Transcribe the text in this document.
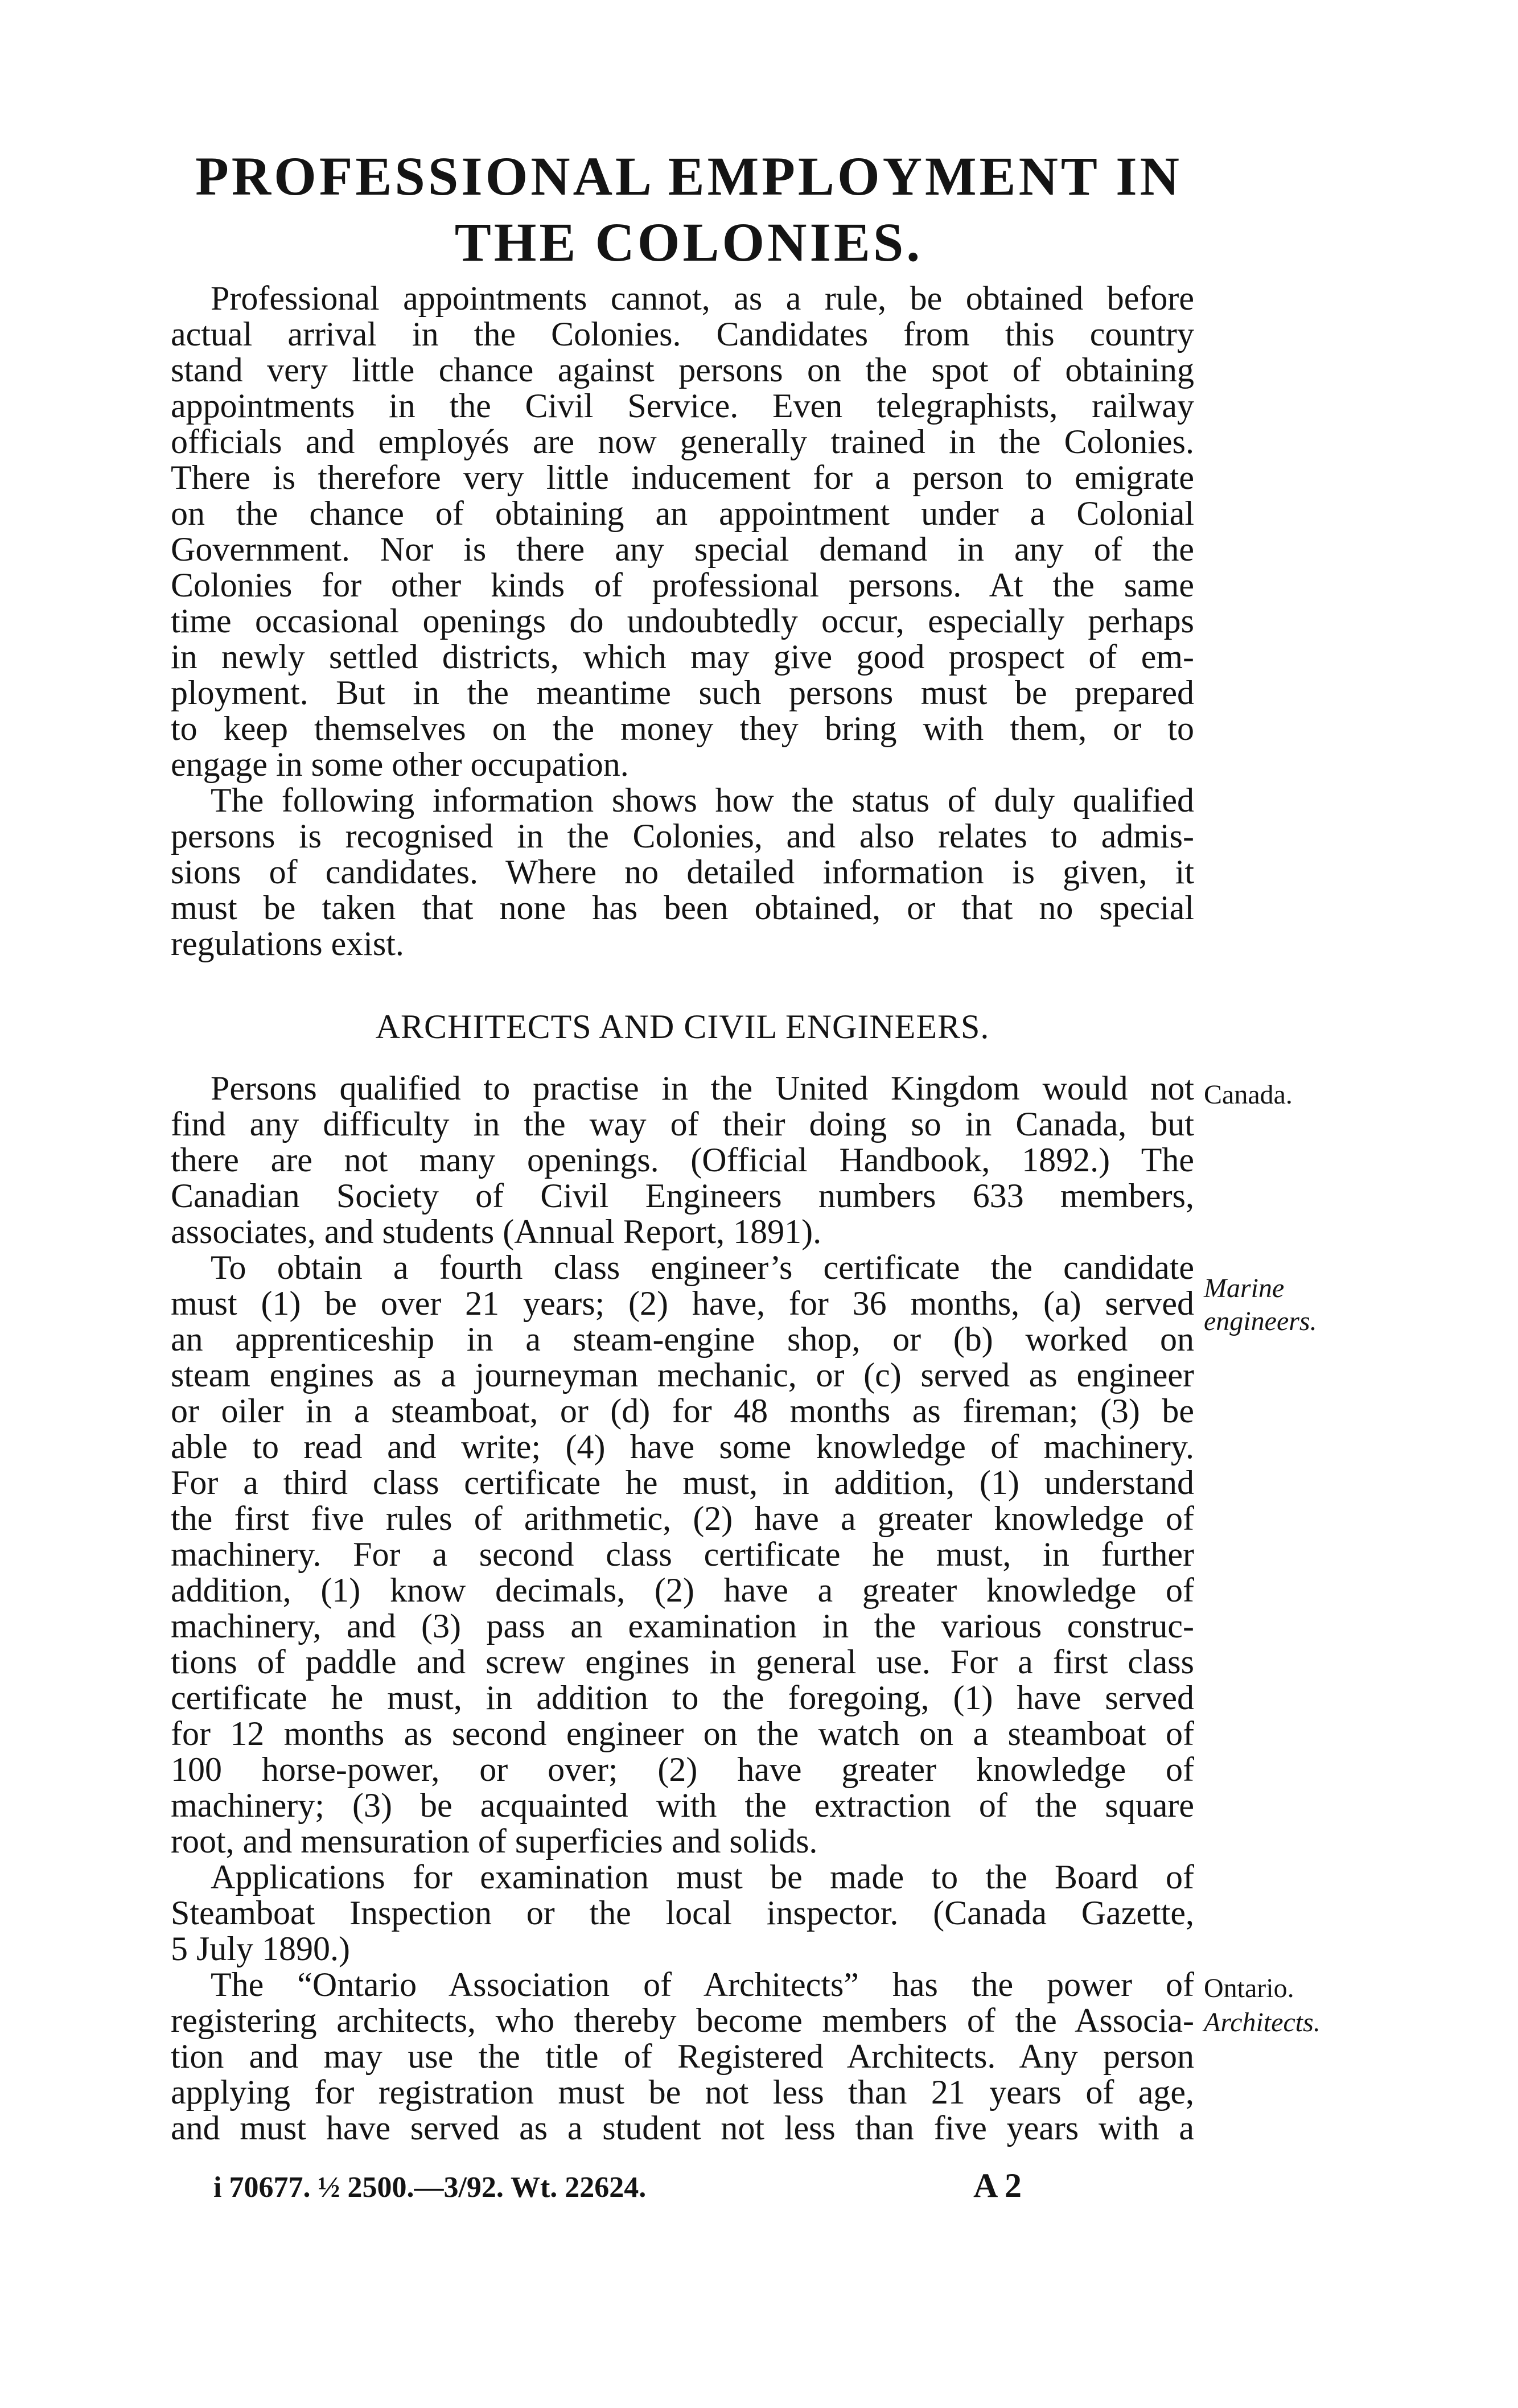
PROFESSIONAL EMPLOYMENT IN
THE COLONIES.
Professional appointments cannot, as a rule, be obtained before
actual arrival in the Colonies. Candidates from this country
stand very little chance against persons on the spot of obtaining
appointments in the Civil Service. Even telegraphists, railway
officials and employés are now generally trained in the Colonies.
There is therefore very little inducement for a person to emigrate
on the chance of obtaining an appointment under a Colonial
Government. Nor is there any special demand in any of the
Colonies for other kinds of professional persons. At the same
time occasional openings do undoubtedly occur, especially perhaps
in newly settled districts, which may give good prospect of em-
ployment. But in the meantime such persons must be prepared
to keep themselves on the money they bring with them, or to
engage in some other occupation.
The following information shows how the status of duly qualified
persons is recognised in the Colonies, and also relates to admis-
sions of candidates. Where no detailed information is given, it
must be taken that none has been obtained, or that no special
regulations exist.
ARCHITECTS AND CIVIL ENGINEERS.
Persons qualified to practise in the United Kingdom would not
find any difficulty in the way of their doing so in Canada, but
there are not many openings. (Official Handbook, 1892.) The
Canadian Society of Civil Engineers numbers 633 members,
associates, and students (Annual Report, 1891).
To obtain a fourth class engineer’s certificate the candidate
must (1) be over 21 years; (2) have, for 36 months, (a) served
an apprenticeship in a steam-engine shop, or (b) worked on
steam engines as a journeyman mechanic, or (c) served as engineer
or oiler in a steamboat, or (d) for 48 months as fireman; (3) be
able to read and write; (4) have some knowledge of machinery.
For a third class certificate he must, in addition, (1) understand
the first five rules of arithmetic, (2) have a greater knowledge of
machinery. For a second class certificate he must, in further
addition, (1) know decimals, (2) have a greater knowledge of
machinery, and (3) pass an examination in the various construc-
tions of paddle and screw engines in general use. For a first class
certificate he must, in addition to the foregoing, (1) have served
for 12 months as second engineer on the watch on a steamboat of
100 horse-power, or over; (2) have greater knowledge of
machinery; (3) be acquainted with the extraction of the square
root, and mensuration of superficies and solids.
Applications for examination must be made to the Board of
Steamboat Inspection or the local inspector. (Canada Gazette,
5 July 1890.)
The “Ontario Association of Architects” has the power of
registering architects, who thereby become members of the Associa-
tion and may use the title of Registered Architects. Any person
applying for registration must be not less than 21 years of age,
and must have served as a student not less than five years with a
Canada.
Marine
engineers.
Ontario.
Architects.
i 70677. ½ 2500.—3/92. Wt. 22624.	A 2
